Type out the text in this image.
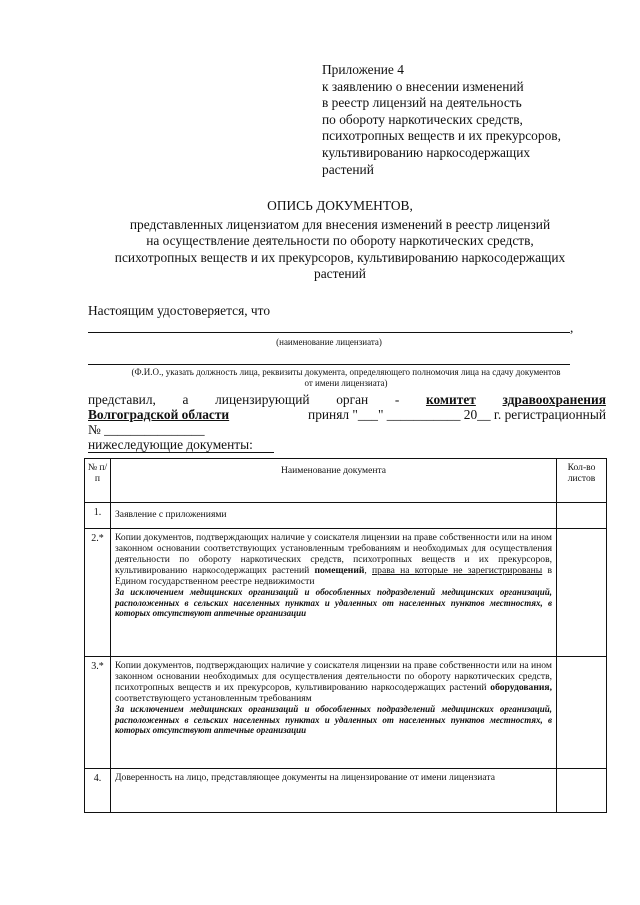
Приложение 4
к заявлению о внесении изменений
в реестр лицензий на деятельность
по обороту наркотических средств,
психотропных веществ и их прекурсоров,
культивированию наркосодержащих
растений
ОПИСЬ ДОКУМЕНТОВ,
представленных лицензиатом для внесения изменений в реестр лицензий
на осуществление деятельности по обороту наркотических средств,
психотропных веществ и их прекурсоров, культивированию наркосодержащих
растений
Настоящим удостоверяется, что
,
(наименование лицензиата)
(Ф.И.О., указать должность лица, реквизиты документа, определяющего полномочия лица на сдачу документов
от имени лицензиата)
представил, а лицензирующий орган - комитет здравоохранения
Волгоградской области	принял "___" ___________ 20__ г. регистрационный
№ _______________
нижеследующие документы:
№ п/п	Наименование документа	Кол-во листов
1.	Заявление с приложениями	
2.*	Копии документов, подтверждающих наличие у соискателя лицензии на праве собственности или на ином законном основании соответствующих установленным требованиям и необходимых для осуществления деятельности по обороту наркотических средств, психотропных веществ и их прекурсоров, культивированию наркосодержащих растений помещений, права на которые не зарегистрированы в Едином государственном реестре недвижимости
За исключением медицинских организаций и обособленных подразделений медицинских организаций, расположенных в сельских населенных пунктах и удаленных от населенных пунктов местностях, в которых отсутствуют аптечные организации	

3.*	Копии документов, подтверждающих наличие у соискателя лицензии на праве собственности или на ином законном основании необходимых для осуществления деятельности по обороту наркотических средств, психотропных веществ и их прекурсоров, культивированию наркосодержащих растений оборудования, соответствующего установленным требованиям
За исключением медицинских организаций и обособленных подразделений медицинских организаций, расположенных в сельских населенных пунктах и удаленных от населенных пунктов местностях, в которых отсутствуют аптечные организации	

4.	Доверенность на лицо, представляющее документы на лицензирование от имени лицензиата	
